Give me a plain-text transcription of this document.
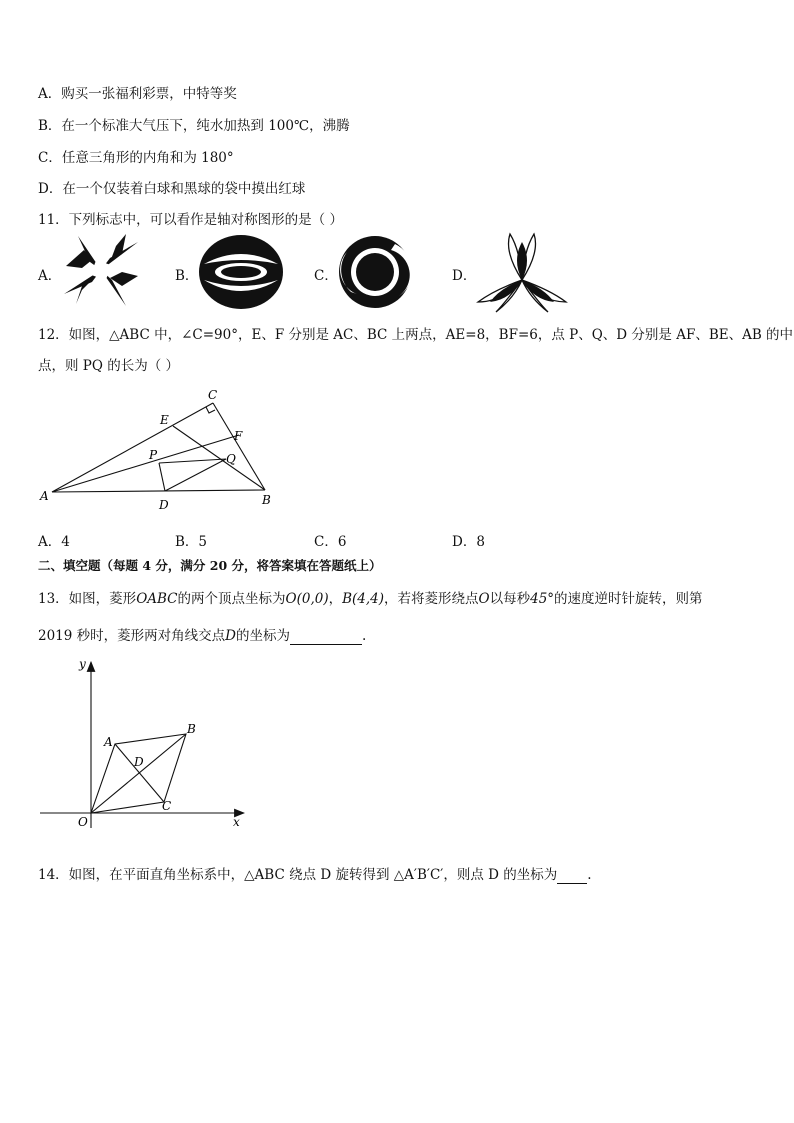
A．购买一张福利彩票，中特等奖
B．在一个标准大气压下，纯水加热到 100℃，沸腾
C．任意三角形的内角和为 180°
D．在一个仅装着白球和黑球的袋中摸出红球
11．下列标志中，可以看作是轴对称图形的是（ ）
A．	B．	C．	D．
12．如图，△ABC 中，∠C=90°，E、F 分别是 AC、BC 上两点，AE=8，BF=6，点 P、Q、D 分别是 AF、BE、AB 的中
点，则 PQ 的长为（ ）
C
E
F
P	Q
A	B
D
A．4	B．5	C．6	D．8
二、填空题（每题 4 分，满分 20 分，将答案填在答题纸上）
13．如图，菱形OABC的两个顶点坐标为O(0,0)，B(4,4)，若将菱形绕点O以每秒45°的速度逆时针旋转，则第
2019 秒时，菱形两对角线交点D的坐标为	.
y
x
O
A
B
C
D
14．如图，在平面直角坐标系中，△ABC 绕点 D 旋转得到 △A′B′C′，则点 D 的坐标为 .
